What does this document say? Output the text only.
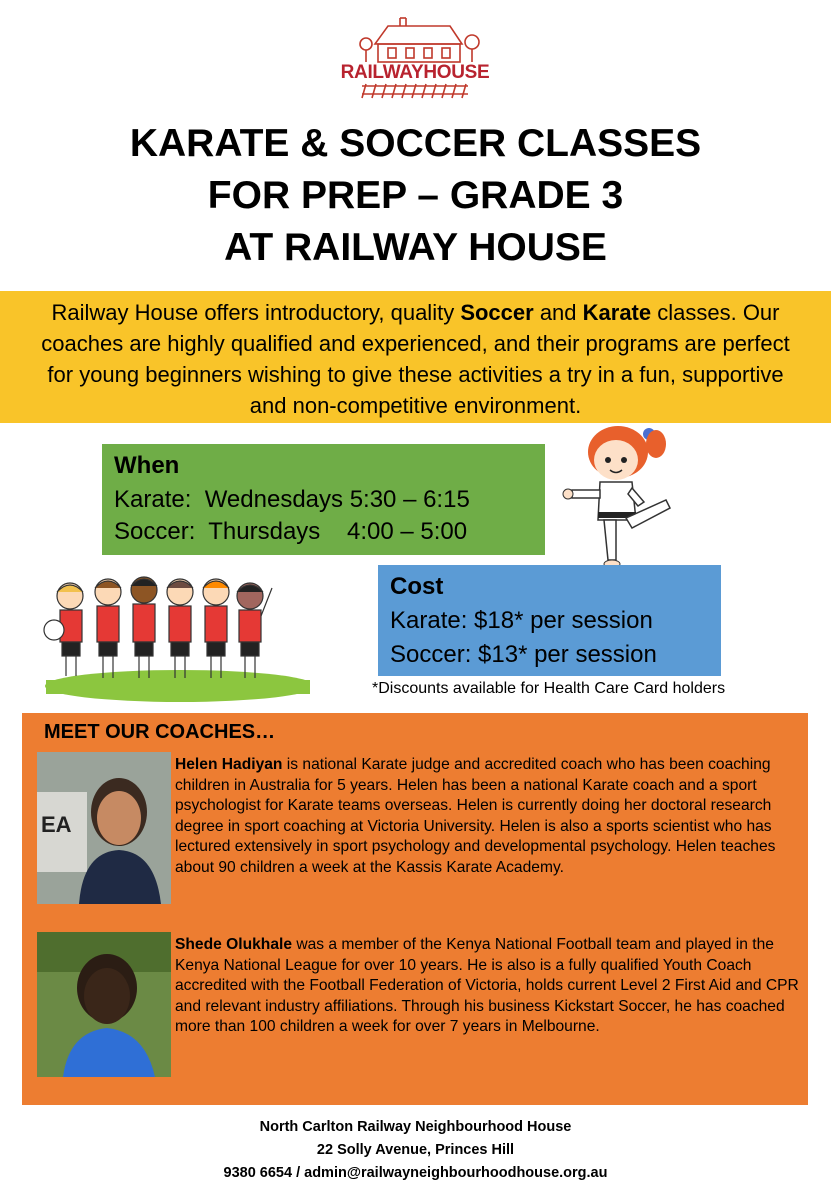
RAILWAYHOUSE
KARATE & SOCCER CLASSES
FOR PREP – GRADE 3
AT RAILWAY HOUSE

Railway House offers introductory, quality Soccer and Karate classes. Our coaches are highly qualified and experienced, and their programs are perfect for young beginners wishing to give these activities a try in a fun, supportive and non-competitive environment.

When
Karate:  Wednesdays 5:30 – 6:15
Soccer:  Thursdays    4:00 – 5:00
Cost
Karate: $18* per session
Soccer: $13* per session
*Discounts available for Health Care Card holders
MEET OUR COACHES…
EA
Helen Hadiyan is national Karate judge and accredited coach who has been coaching children in Australia for 5 years. Helen has been a national Karate coach and a sport psychologist for Karate teams overseas. Helen is currently doing her doctoral research degree in sport coaching at Victoria University. Helen is also a sports scientist who has lectured extensively in sport psychology and developmental psychology. Helen teaches about 90 children a week at the Kassis Karate Academy.
Shede Olukhale was a member of the Kenya National Football team and played in the Kenya National League for over 10 years. He is also is a fully qualified Youth Coach accredited with the Football Federation of Victoria, holds current Level 2 First Aid and CPR and relevant industry affiliations. Through his business Kickstart Soccer, he has coached more than 100 children a week for over 7 years in Melbourne.
North Carlton Railway Neighbourhood House
22 Solly Avenue, Princes Hill
9380 6654 / admin@railwayneighbourhoodhouse.org.au
